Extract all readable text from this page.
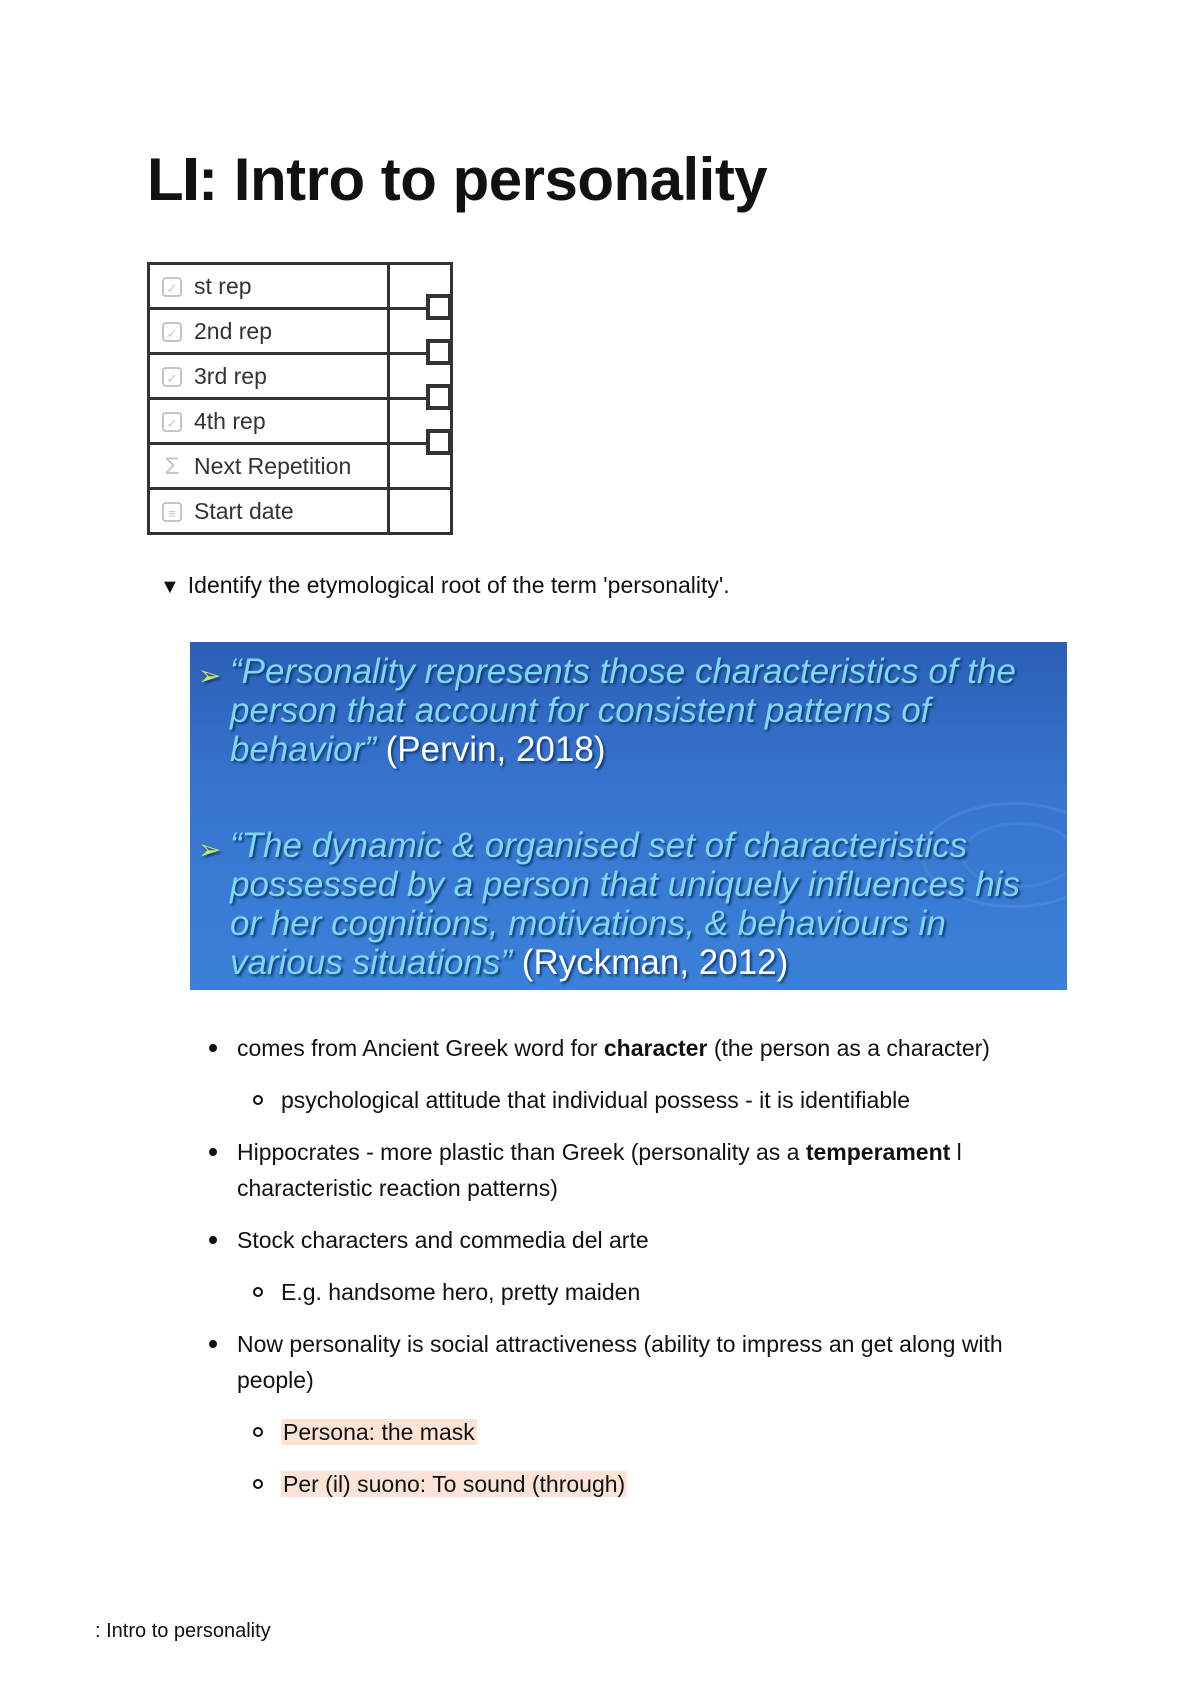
L : Intro to personality
✓ st rep	

✓ 2nd rep	

✓ 3rd rep	

✓ 4th rep	

Σ Next Repetition	
≡ Start date	
▼ Identify the etymological root of the term 'personality'.
➢ “Personality represents those characteristics of the person that account for consistent patterns of behavior” (Pervin, 2018)
➢ “The dynamic & organised set of characteristics possessed by a person that uniquely influences his or her cognitions, motivations, & behaviours in various situations” (Ryckman, 2012)
comes from Ancient Greek word for character (the person as a character)
psychological attitude that individual possess - it is identifiable
Hippocrates - more plastic than Greek (personality as a temperament l
characteristic reaction patterns)
Stock characters and commedia del arte
E.g. handsome hero, pretty maiden
Now personality is social attractiveness (ability to impress an get along with
people)
Persona: the mask
Per (il) suono: To sound (through)
: Intro to personality
